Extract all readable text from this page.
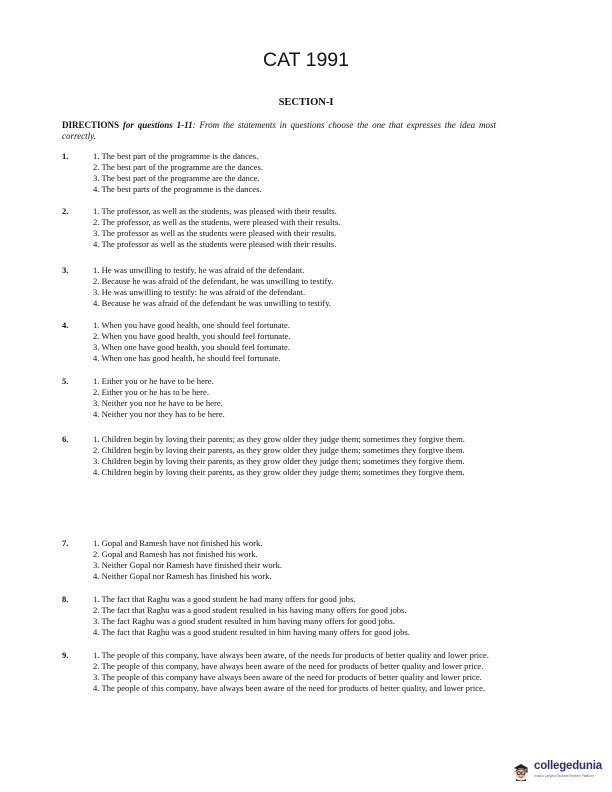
CAT 1991
SECTION-I
DIRECTIONS for questions 1-11: From the statements in questions choose the one that expresses the idea most correctly.
1.	1. The best part of the programme is the dances.
2. The best part of the programme are the dances.
3. The best part of the programme are the dance.
4. The best parts of the programme is the dances.
2.	1. The professor, as well as the students, was pleased with their results.
2. The professor, as well as the students, were pleased with their results.
3. The professor as well as the students were pleased with their results.
4. The professor as well as the students were pleased with their results.
3.	1. He was unwilling to testify, he was afraid of the defendant.
2. Because he was afraid of the defendant, he was unwilling to testify.
3. He was unwilling to testify: he was afraid of the defendant.
4. Because he was afraid of the defendant he was unwilling to testify.
4.	1. When you have good health, one should feel fortunate.
2. When you have good health, you should feel fortunate.
3. When one have good health, you should feel fortunate.
4. When one has good health, he should feel fortunate.
5.	1. Either you or he have to be here.
2. Either you or he has to be here.
3. Neither you nor he have to be here.
4. Neither you nor they has to be here.
6.	1. Children begin by loving their parents; as they grow older they judge them; sometimes they forgive them.
2. Children begin by loving their parents, as they grow older they judge them; sometimes they forgive them.
3. Children begin by loving their parents, as they grow older they judge them; sometimes they forgive them.
4. Children begin by loving their parents, as they grow older they judge them; sometimes they forgive them.
7.	1. Gopal and Ramesh have not finished his work.
2. Gopal and Ramesh has not finished his work.
3. Neither Gopal nor Ramesh have finished their work.
4. Neither Gopal nor Ramesh has finished his work.
8.	1. The fact that Raghu was a good student he had many offers for good jobs.
2. The fact that Raghu was a good student resulted in his having many offers for good jobs.
3. The fact Raghu was a good student resulted in him having many offers for good jobs.
4. The fact that Raghu was a good student resulted in him having many offers for good jobs.
9.	1. The people of this company, have always been aware, of the needs for products of better quality and lower price.
2. The people of this company, have always been aware of the need for products of better quality and lower price.
3. The people of this company have always been aware of the need for products of better quality and lower price.
4. The people of this company, have always been aware of the need for products of better quality, and lower price.
collegedunia
India's Largest Student Review Platform
